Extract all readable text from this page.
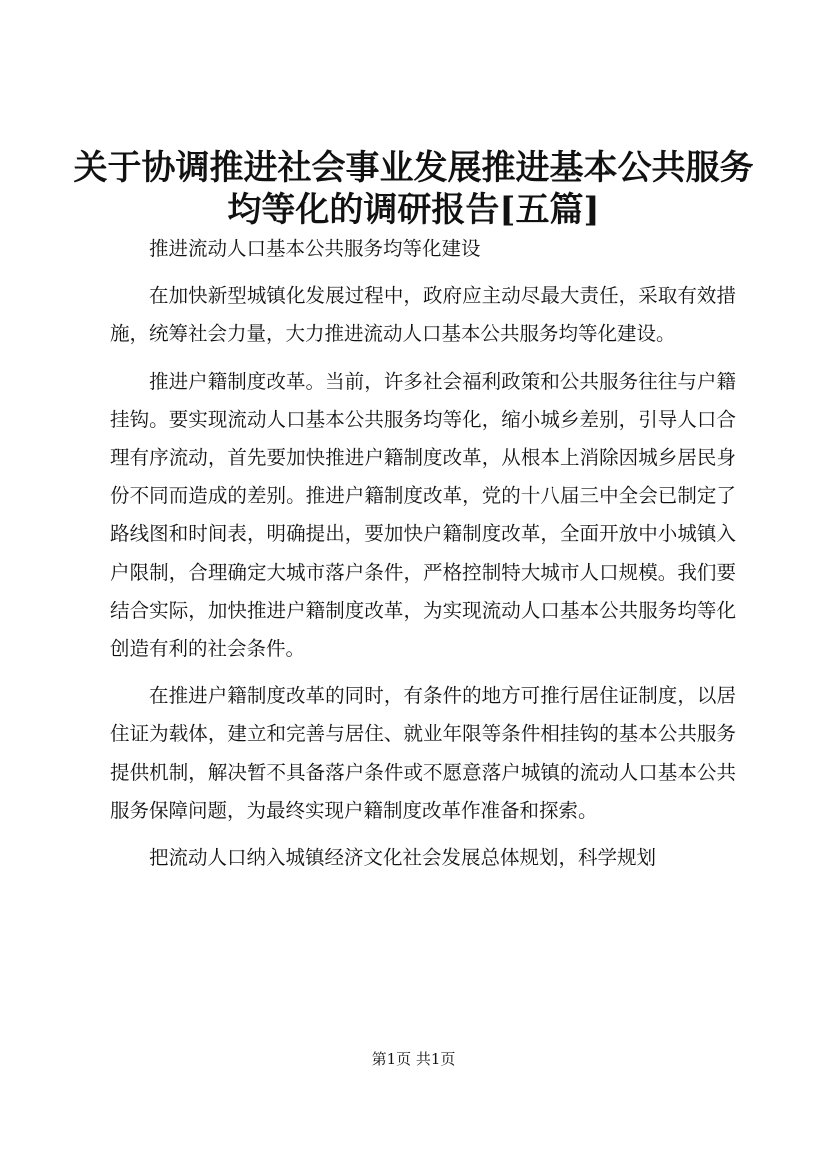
关于协调推进社会事业发展推进基本公共服务
均等化的调研报告[五篇]

推进流动人口基本公共服务均等化建设

在加快新型城镇化发展过程中，政府应主动尽最大责任，采取有效措施，统筹社会力量，大力推进流动人口基本公共服务均等化建设。

推进户籍制度改革。当前，许多社会福利政策和公共服务往往与户籍挂钩。要实现流动人口基本公共服务均等化，缩小城乡差别，引导人口合理有序流动，首先要加快推进户籍制度改革，从根本上消除因城乡居民身份不同而造成的差别。推进户籍制度改革，党的十八届三中全会已制定了路线图和时间表，明确提出，要加快户籍制度改革，全面开放中小城镇入户限制，合理确定大城市落户条件，严格控制特大城市人口规模。我们要结合实际，加快推进户籍制度改革，为实现流动人口基本公共服务均等化创造有利的社会条件。

在推进户籍制度改革的同时，有条件的地方可推行居住证制度，以居住证为载体，建立和完善与居住、就业年限等条件相挂钩的基本公共服务提供机制，解决暂不具备落户条件或不愿意落户城镇的流动人口基本公共服务保障问题，为最终实现户籍制度改革作准备和探索。

把流动人口纳入城镇经济文化社会发展总体规划，科学规划

第1页 共1页
